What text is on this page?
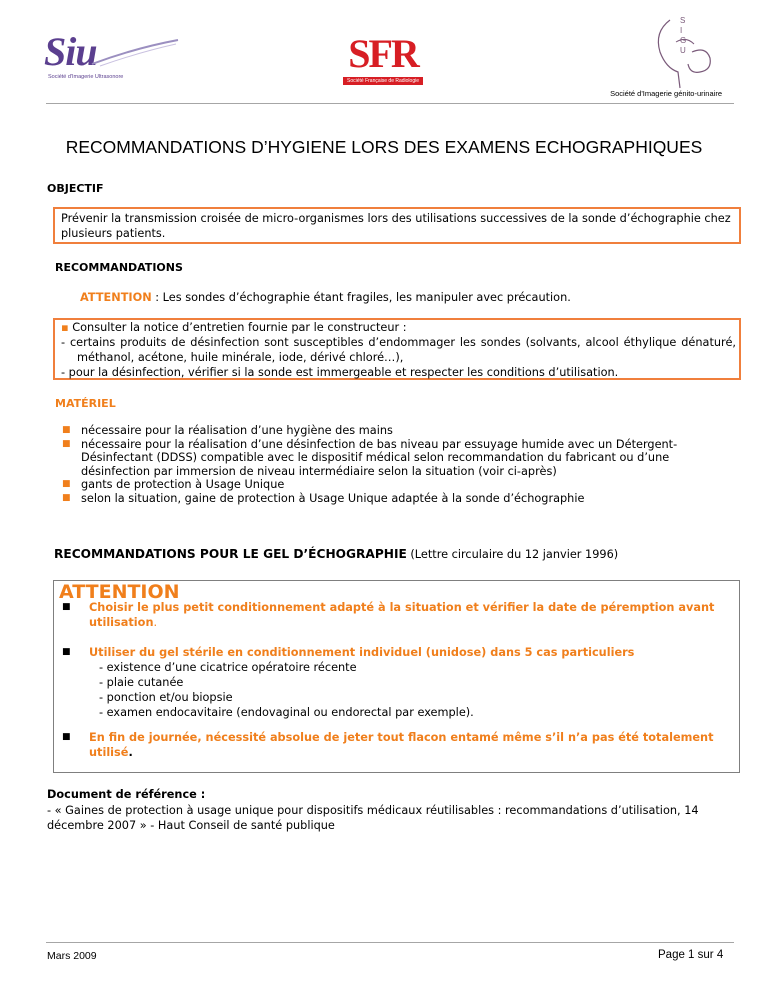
Siu
Société d'Imagerie Ultrasonore
SFR
Société Française de Radiologie
S I G U
Société d'Imagerie génito-urinaire
RECOMMANDATIONS D’HYGIENE LORS DES EXAMENS ECHOGRAPHIQUES
OBJECTIF
Prévenir la transmission croisée de micro-organismes lors des utilisations successives de la sonde d’échographie chez plusieurs patients.
RECOMMANDATIONS
ATTENTION : Les sondes d’échographie étant fragiles, les manipuler avec précaution.
▪ Consulter la notice d’entretien fournie par le constructeur :
- certains produits de désinfection sont susceptibles d’endommager les sondes (solvants, alcool éthylique dénaturé, méthanol, acétone, huile minérale, iode, dérivé chloré…),
- pour la désinfection, vérifier si la sonde est immergeable et respecter les conditions d’utilisation.
MATÉRIEL
■ nécessaire pour la réalisation d’une hygiène des mains
■ nécessaire pour la réalisation d’une désinfection de bas niveau par essuyage humide avec un Détergent-Désinfectant (DDSS) compatible avec le dispositif médical selon recommandation du fabricant ou d’une désinfection par immersion de niveau intermédiaire selon la situation (voir ci-après)
■ gants de protection à Usage Unique
■ selon la situation, gaine de protection à Usage Unique adaptée à la sonde d’échographie
RECOMMANDATIONS POUR LE GEL D’ÉCHOGRAPHIE (Lettre circulaire du 12 janvier 1996)
ATTENTION
■ Choisir le plus petit conditionnement adapté à la situation et vérifier la date de péremption avant utilisation.
■ Utiliser du gel stérile en conditionnement individuel (unidose) dans 5 cas particuliers
- existence d’une cicatrice opératoire récente
- plaie cutanée
- ponction et/ou biopsie
- examen endocavitaire (endovaginal ou endorectal par exemple).
■ En fin de journée, nécessité absolue de jeter tout flacon entamé même s’il n’a pas été totalement utilisé.
Document de référence :
- « Gaines de protection à usage unique pour dispositifs médicaux réutilisables : recommandations d’utilisation, 14 décembre 2007 » - Haut Conseil de santé publique
Mars 2009	Page 1 sur 4
